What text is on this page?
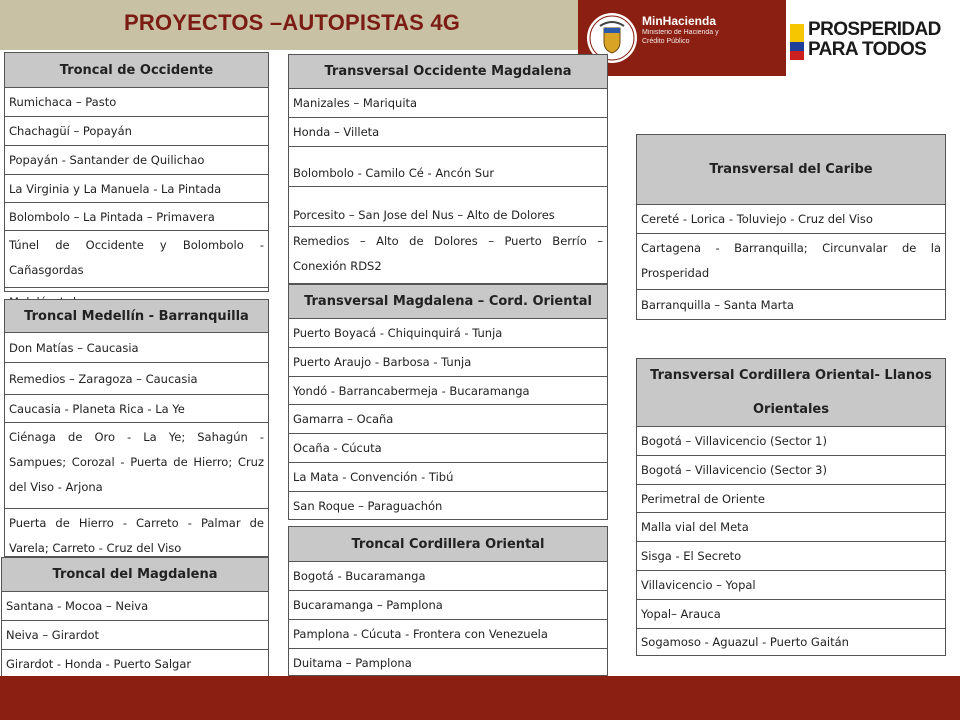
PROYECTOS –AUTOPISTAS 4G	MinHacienda
Ministerio de Hacienda y Crédito Público
PROSPERIDAD
PARA TODOS
Troncal de Occidente
Rumichaca – Pasto
Chachagüí – Popayán
Popayán - Santander de Quilichao
La Virginia y La Manuela - La Pintada
Bolombolo – La Pintada – Primavera
Túnel de Occidente y Bolombolo - Cañasgordas
Troncal Medellín - Barranquilla
Don Matías – Caucasia
Remedios – Zaragoza – Caucasia
Caucasia - Planeta Rica - La Ye
Ciénaga de Oro - La Ye; Sahagún - Sampues; Corozal - Puerta de Hierro; Cruz del Viso - Arjona
Puerta de Hierro - Carreto - Palmar de Varela; Carreto - Cruz del Viso
Troncal del Magdalena
Santana - Mocoa – Neiva
Neiva – Girardot
Girardot - Honda - Puerto Salgar
Transversal Occidente Magdalena
Manizales – Mariquita
Honda – Villeta
Bolombolo - Camilo Cé - Ancón Sur
Porcesito – San Jose del Nus – Alto de Dolores
Remedios – Alto de Dolores – Puerto Berrío – Conexión RDS2
Transversal Magdalena – Cord. Oriental
Puerto Boyacá - Chiquinquirá - Tunja
Puerto Araujo - Barbosa - Tunja
Yondó - Barrancabermeja - Bucaramanga
Gamarra – Ocaña
Ocaña - Cúcuta
La Mata - Convención - Tibú
San Roque – Paraguachón
Troncal Cordillera Oriental
Bogotá - Bucaramanga
Bucaramanga – Pamplona
Pamplona - Cúcuta - Frontera con Venezuela
Duitama – Pamplona
Transversal del Caribe
Cereté - Lorica - Toluviejo - Cruz del Viso
Cartagena - Barranquilla; Circunvalar de la Prosperidad
Barranquilla – Santa Marta
Transversal Cordillera Oriental- Llanos Orientales
Bogotá – Villavicencio (Sector 1)
Bogotá – Villavicencio (Sector 3)
Perimetral de Oriente
Malla vial del Meta
Sisga - El Secreto
Villavicencio – Yopal
Yopal– Arauca
Sogamoso - Aguazul - Puerto Gaitán
